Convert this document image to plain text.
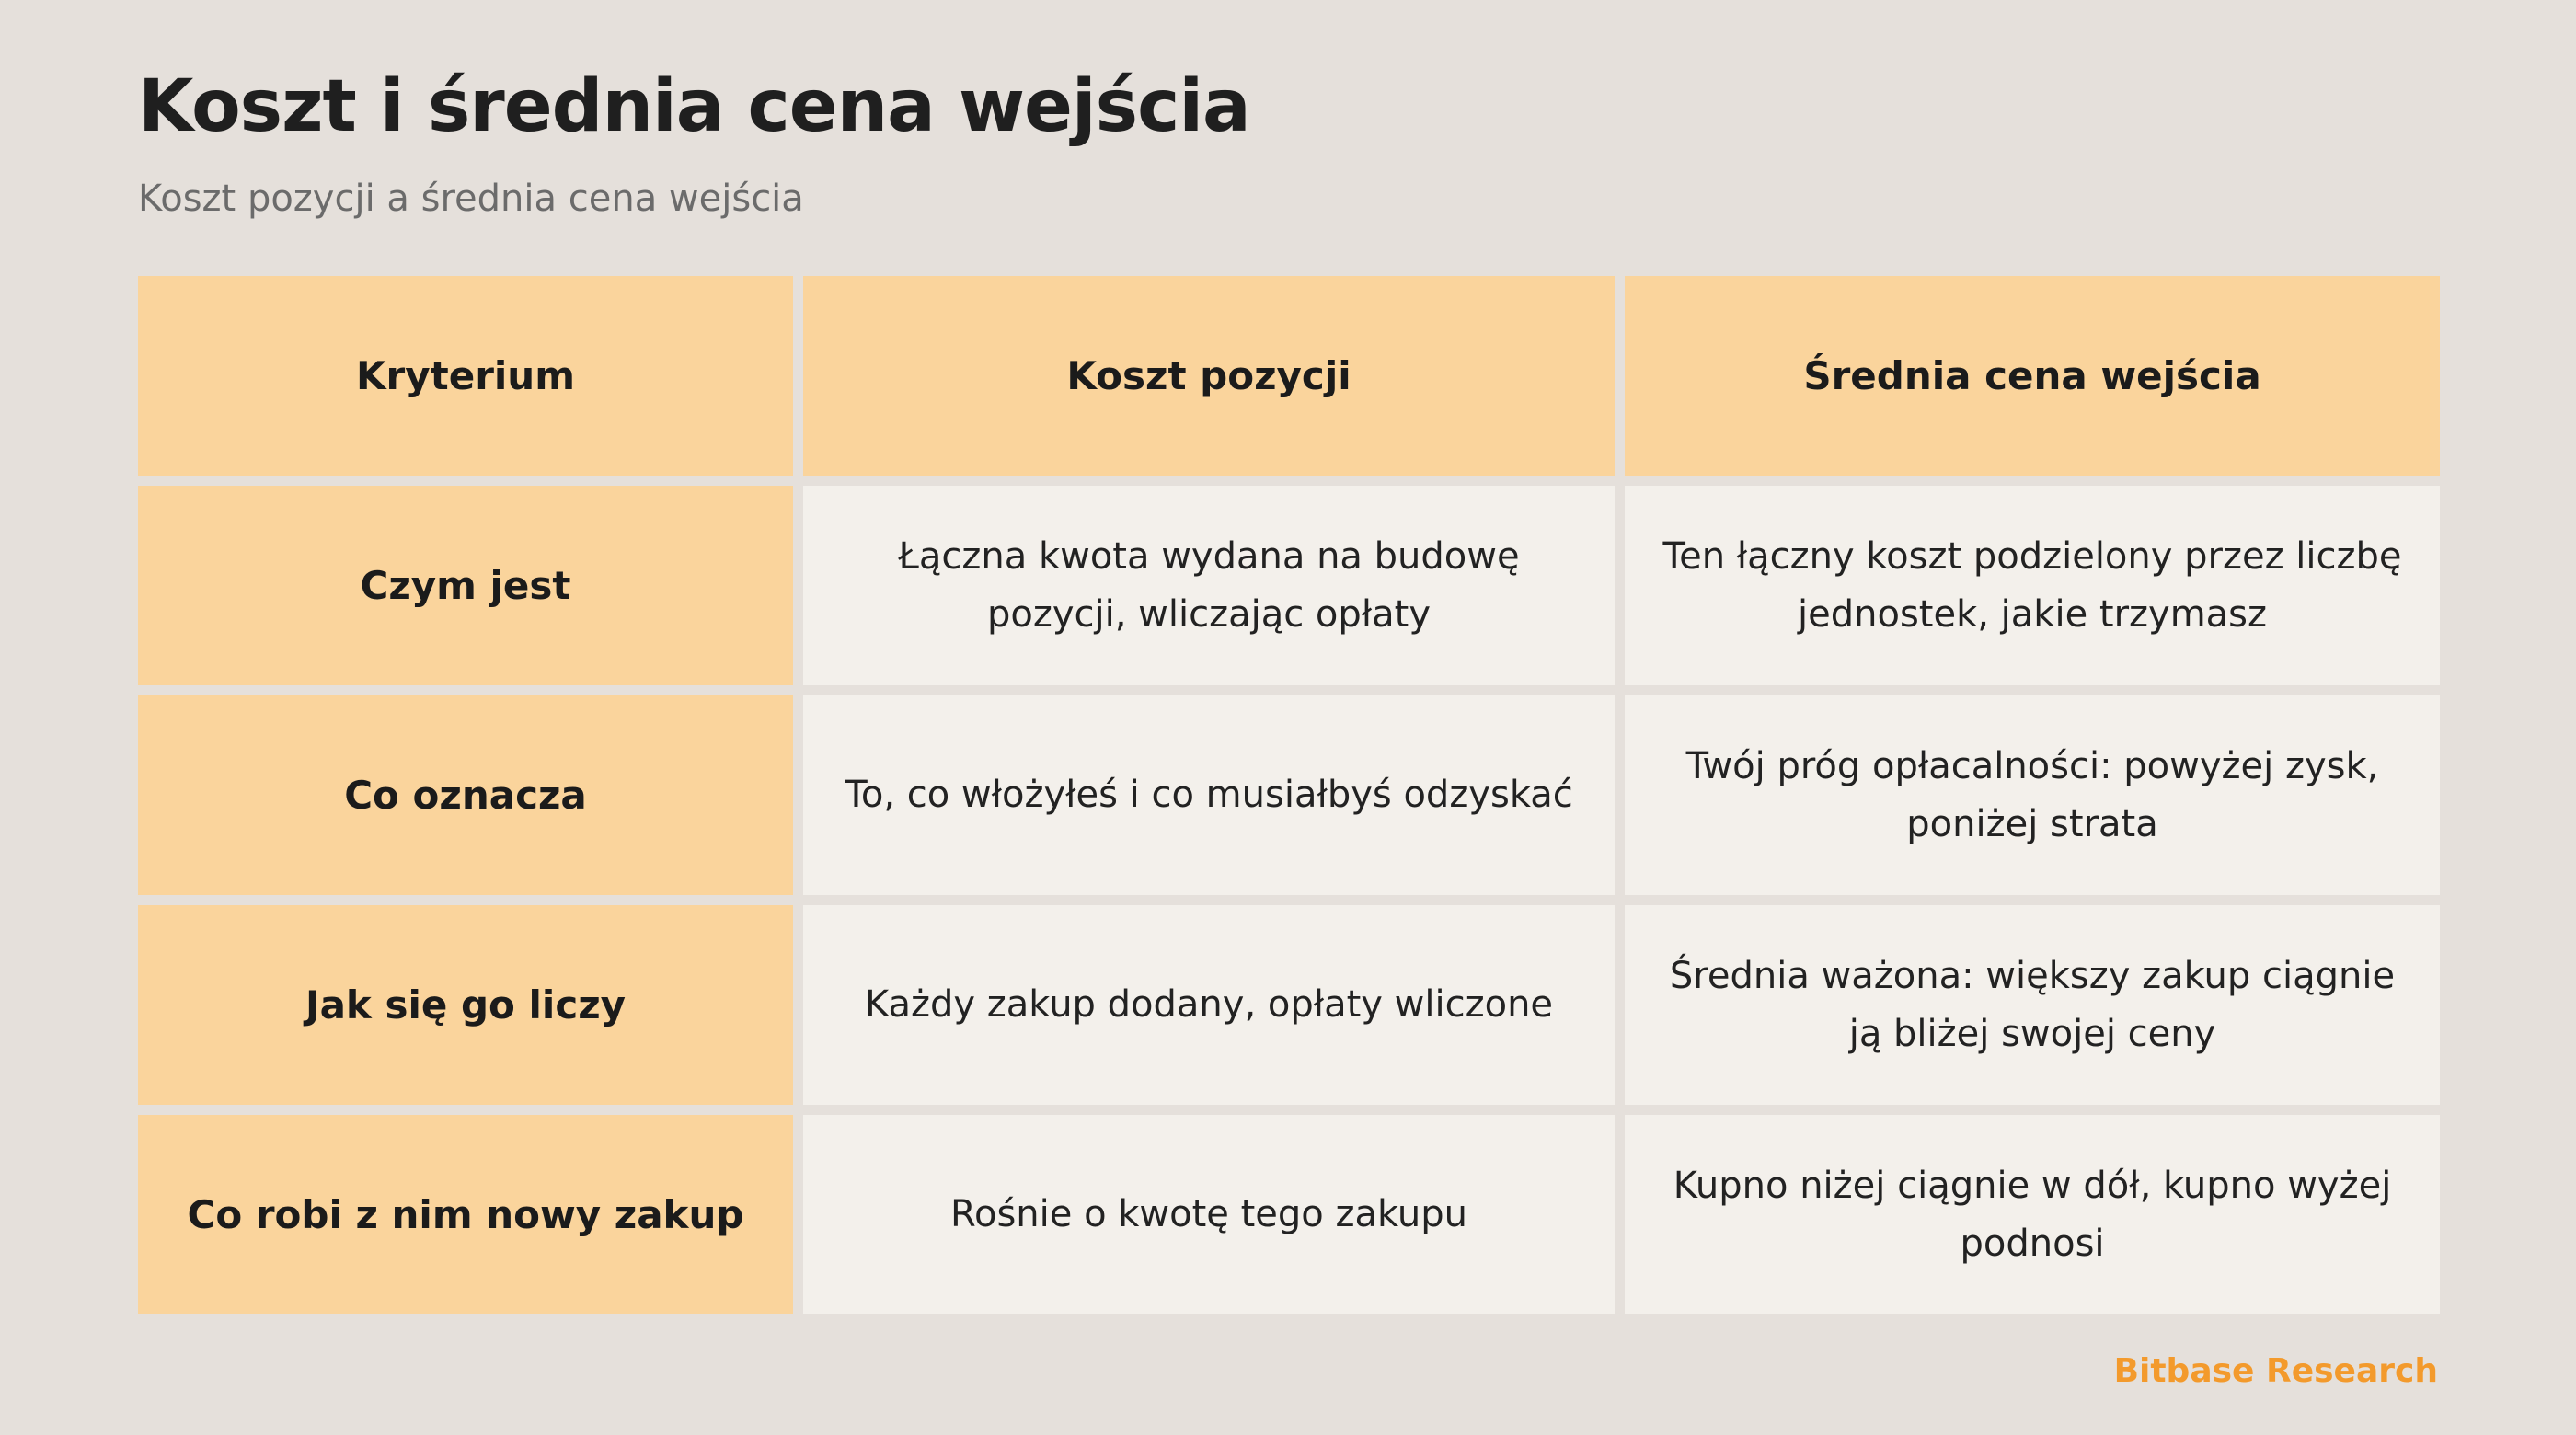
Koszt i średnia cena wejścia

Koszt pozycji a średnia cena wejścia

Kryterium	Koszt pozycji	Średnia cena wejścia
Czym jest	Łączna kwota wydana na budowę pozycji, wliczając opłaty	Ten łączny koszt podzielony przez liczbę jednostek, jakie trzymasz
Co oznacza	To, co włożyłeś i co musiałbyś odzyskać	Twój próg opłacalności: powyżej zysk, poniżej strata
Jak się go liczy	Każdy zakup dodany, opłaty wliczone	Średnia ważona: większy zakup ciągnie ją bliżej swojej ceny
Co robi z nim nowy zakup	Rośnie o kwotę tego zakupu	Kupno niżej ciągnie w dół, kupno wyżej podnosi
Bitbase Research
